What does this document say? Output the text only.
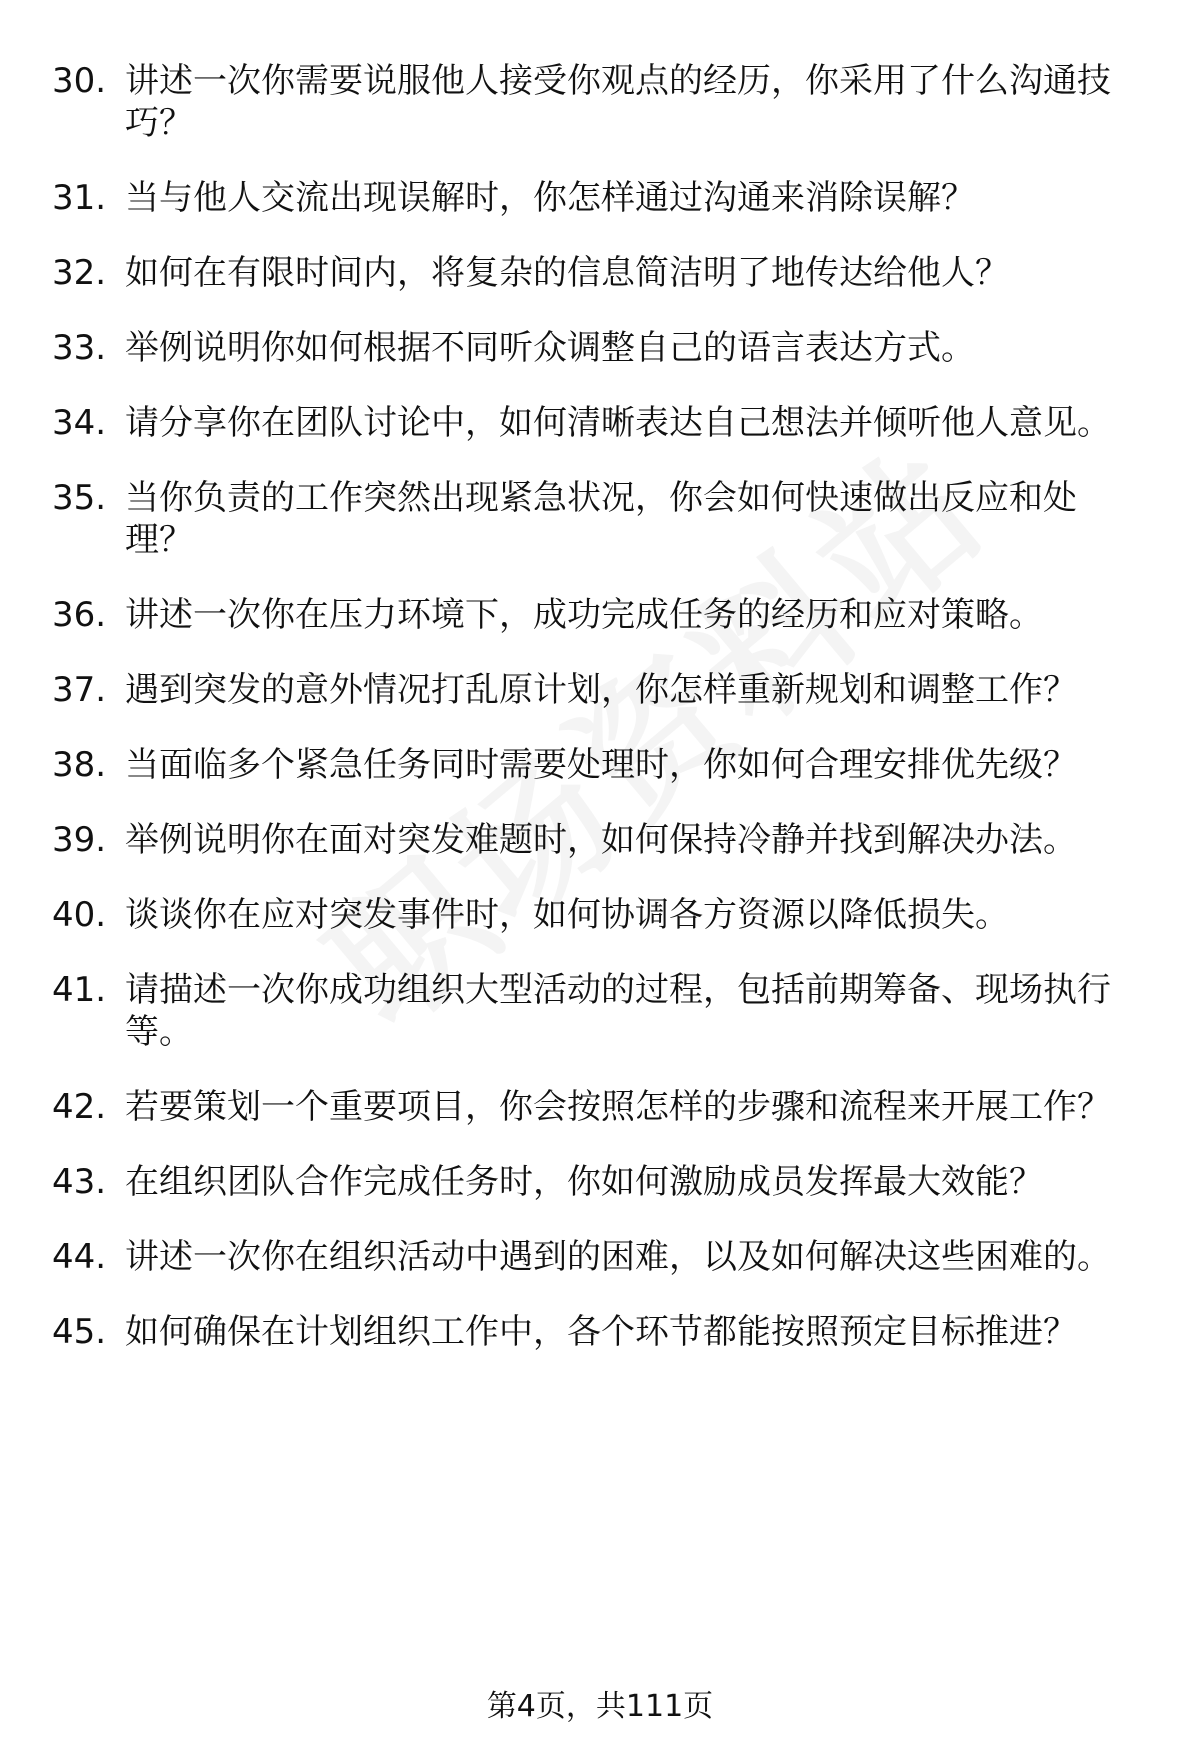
30. 讲述一次你需要说服他人接受你观点的经历，你采用了什么沟通技巧？
31. 当与他人交流出现误解时，你怎样通过沟通来消除误解？
32. 如何在有限时间内，将复杂的信息简洁明了地传达给他人？
33. 举例说明你如何根据不同听众调整自己的语言表达方式。
34. 请分享你在团队讨论中，如何清晰表达自己想法并倾听他人意见。
35. 当你负责的工作突然出现紧急状况，你会如何快速做出反应和处理？
36. 讲述一次你在压力环境下，成功完成任务的经历和应对策略。
37. 遇到突发的意外情况打乱原计划，你怎样重新规划和调整工作？
38. 当面临多个紧急任务同时需要处理时，你如何合理安排优先级？
39. 举例说明你在面对突发难题时，如何保持冷静并找到解决办法。
40. 谈谈你在应对突发事件时，如何协调各方资源以降低损失。
41. 请描述一次你成功组织大型活动的过程，包括前期筹备、现场执行等。
42. 若要策划一个重要项目，你会按照怎样的步骤和流程来开展工作？
43. 在组织团队合作完成任务时，你如何激励成员发挥最大效能？
44. 讲述一次你在组织活动中遇到的困难，以及如何解决这些困难的。
45. 如何确保在计划组织工作中，各个环节都能按照预定目标推进？
第4页，共111页
